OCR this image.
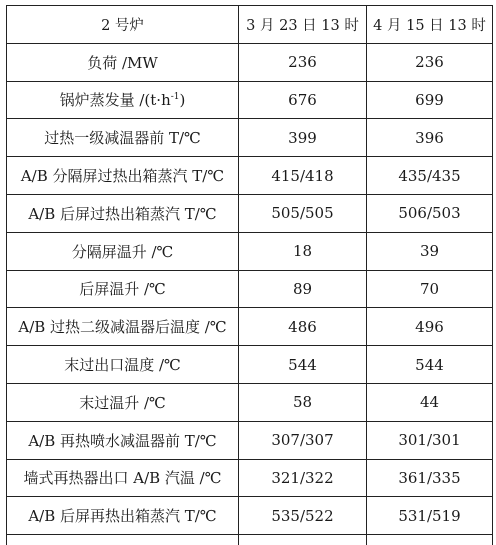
2 号炉	3 月 23 日 13 时	4 月 15 日 13 时
负荷 /MW	236	236
锅炉蒸发量 $/(t\cdot h^{-1})$	676	699
过热一级减温器前 T/℃	399	396
A/B 分隔屏过热出箱蒸汽 T/℃	415/418	435/435
A/B 后屏过热出箱蒸汽 T/℃	505/505	506/503
分隔屏温升 /℃	18	39
后屏温升 /℃	89	70
A/B 过热二级减温器后温度 /℃	486	496
末过出口温度 /℃	544	544
末过温升 /℃	58	44
A/B 再热喷水减温器前 T/℃	307/307	301/301
墙式再热器出口 A/B 汽温 /℃	321/322	361/335
A/B 后屏再热出箱蒸汽 T/℃	535/522	531/519
